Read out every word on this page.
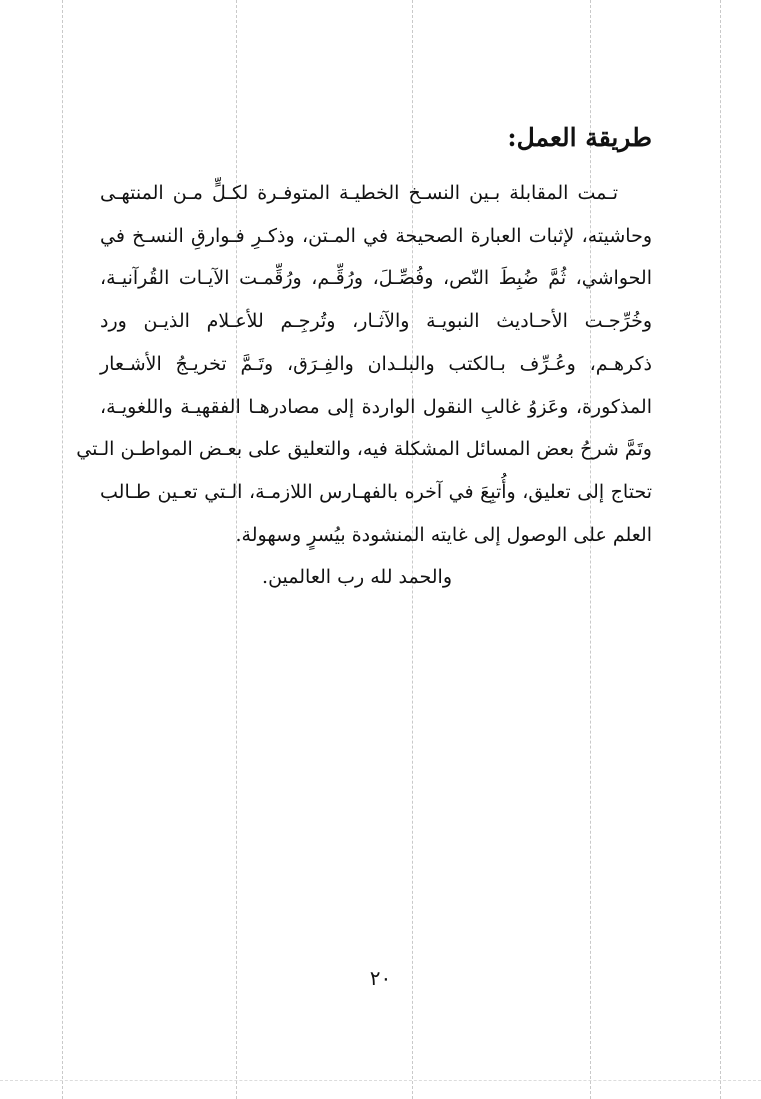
طريقة العمل:
تـمت المقابلة بـين النسـخ الخطيـة المتوفـرة لكـلٍّ مـن المنتهـى
وحاشيته، لإثبات العبارة الصحيحة في المـتن، وذكـرِ فـوارقِ النسـخ في
الحواشي، ثُمَّ ضُبِطَ النّص، وفُصِّـلَ، ورُقِّـم، ورُقِّمـت الآيـات القُرآنيـة،
وخُرِّجـت الأحـاديث النبويـة والآثـار، وتُرجِـم للأعـلام الذيـن ورد
ذكرهـم، وعُـرِّف بـالكتب والبلـدان والفِـرَق، وتَـمَّ تخريـجُ الأشـعار
المذكورة، وعَزوُ غالبِ النقول الواردة إلى مصادرهـا الفقهيـة واللغويـة،
وتَمَّ شرحُ بعض المسائل المشكلة فيه، والتعليق على بعـض المواطـن الـتي
تحتاج إلى تعليق، وأُتبِعَ في آخره بالفهـارس اللازمـة، الـتي تعـين طـالب
العلم على الوصول إلى غايته المنشودة بيُسرٍ وسهولة.
والحمد لله رب العالمين.
٢٠
